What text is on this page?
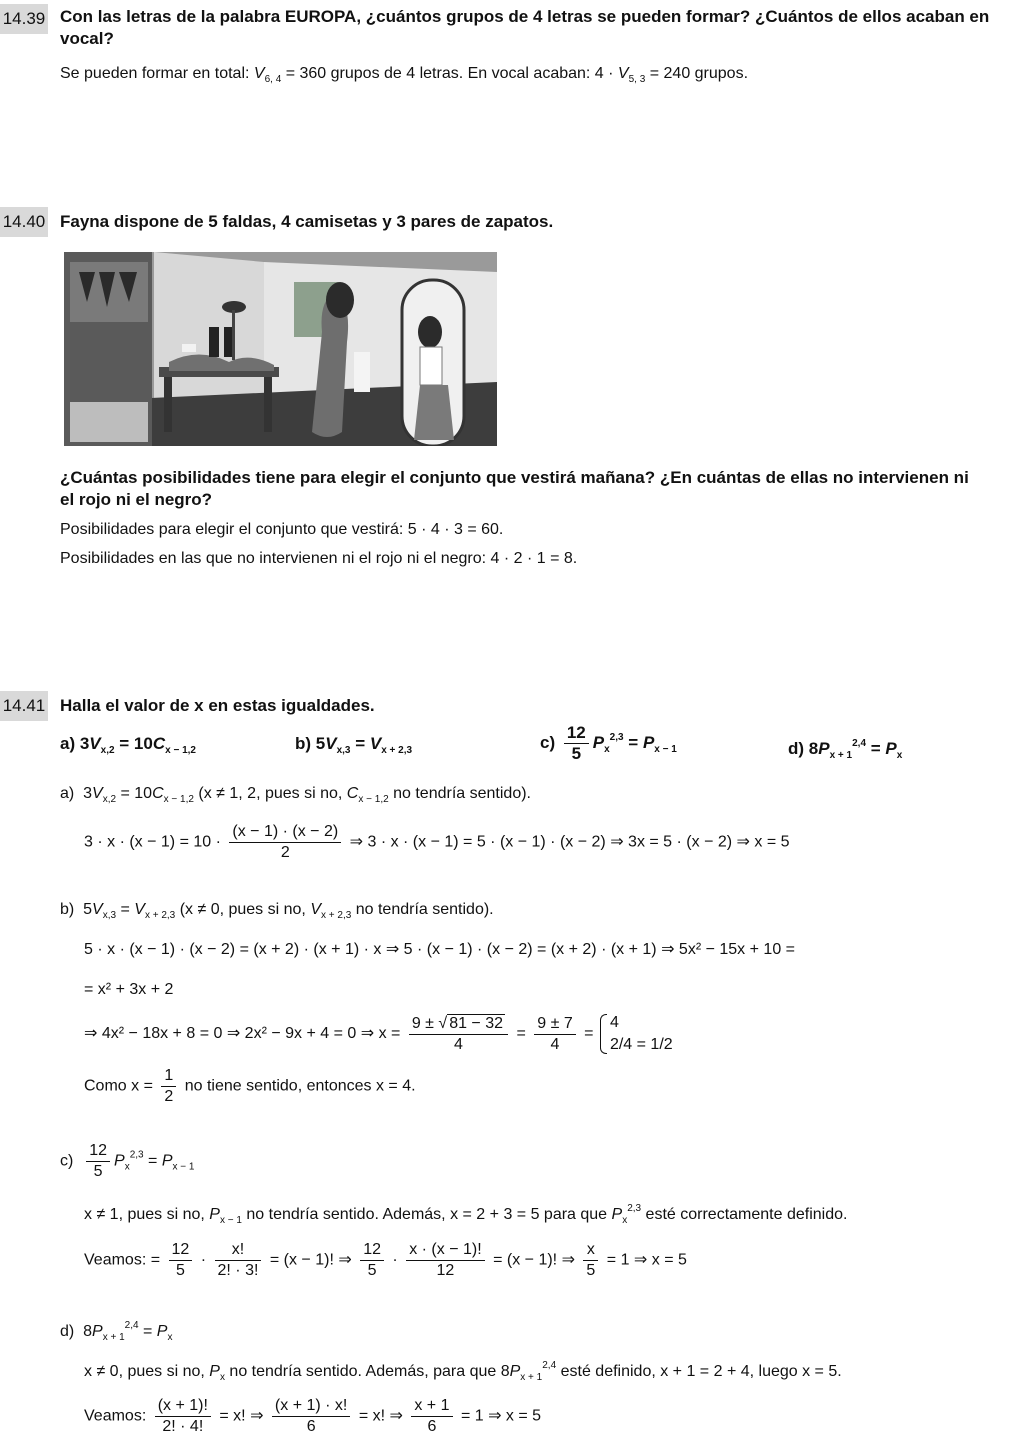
14.39 Con las letras de la palabra EUROPA, ¿cuántos grupos de 4 letras se pueden formar? ¿Cuántos de ellos acaban en vocal?
Se pueden formar en total: $V_{6, 4} = 360$ grupos de 4 letras. En vocal acaban: $4 \cdot V_{5, 3} = 240$ grupos.
14.40 Fayna dispone de 5 faldas, 4 camisetas y 3 pares de zapatos.
¿Cuántas posibilidades tiene para elegir el conjunto que vestirá mañana? ¿En cuántas de ellas no intervienen ni el rojo ni el negro?
Posibilidades para elegir el conjunto que vestirá: 5 · 4 · 3 = 60.
Posibilidades en las que no intervienen ni el rojo ni el negro: 4 · 2 · 1 = 8.
14.41 Halla el valor de x en estas igualdades.
a) $3V_{x,2} = 10C_{x - 1,2}$	b) $5V_{x,3} = V_{x + 2,3}$	$c) \frac{12}{5} P_x^{2,3} = P_{x - 1}$	d) $8P_{x + 1}^{2,4} = P_x$
a)  $3V_{x,2} = 10C_{x - 1,2}$ (x ≠ 1, 2, pues si no, $C_{x - 1,2}$ no tendría sentido).
$3 \cdot x \cdot (x - 1) = 10 \cdot \frac{(x - 1) \cdot (x - 2)}{2}$ ⇒ 3 · x · (x − 1) = 5 · (x − 1) · (x − 2) ⇒ 3x = 5 · (x − 2) ⇒ x = 5
b)  $5V_{x,3} = V_{x + 2,3}$ (x ≠ 0, pues si no, $V_{x + 2,3}$ no tendría sentido).
5 · x · (x − 1) · (x − 2) = (x + 2) · (x + 1) · x ⇒ 5 · (x − 1) · (x − 2) = (x + 2) · (x + 1) ⇒ 5x² − 15x + 10 =
= x² + 3x + 2
⇒ 4x² − 18x + 8 = 0 ⇒ 2x² − 9x + 4 = 0 ⇒ $x = \frac{9 \pm √ 81 - 32}{4} = \frac{9 \pm 7}{4}$ =
4
2/4 = 1/2
Como $x = \frac{1}{2}$ no tiene sentido, entonces x = 4.
$c) \frac{12}{5} P_x^{2,3} = P_{x - 1}$
x ≠ 1, pues si no, $P_{x - 1}$ no tendría sentido. Además, x = 2 + 3 = 5 para que $P_x^{2,3}$ esté correctamente definido.
Veamos: = $\frac{12}{5} \cdot \frac{x!}{2! \cdot 3!} = (x - 1)$! ⇒ $\frac{12}{5} \cdot \frac{x \cdot (x - 1)!}{12} = (x - 1)$! ⇒ $\frac{x}{5} = 1$ ⇒ x = 5
d)  $8P_{x + 1}^{2,4} = P_x$
x ≠ 0, pues si no, $P_x$ no tendría sentido. Además, para que $8P_{x + 1}^{2,4}$ esté definido, x + 1 = 2 + 4, luego x = 5.
Veamos: $\frac{(x + 1)!}{2! \cdot 4!} = x$! ⇒ $\frac{(x + 1) \cdot x!}{6} = x$! ⇒ $\frac{x + 1}{6} = 1$ ⇒ x = 5
